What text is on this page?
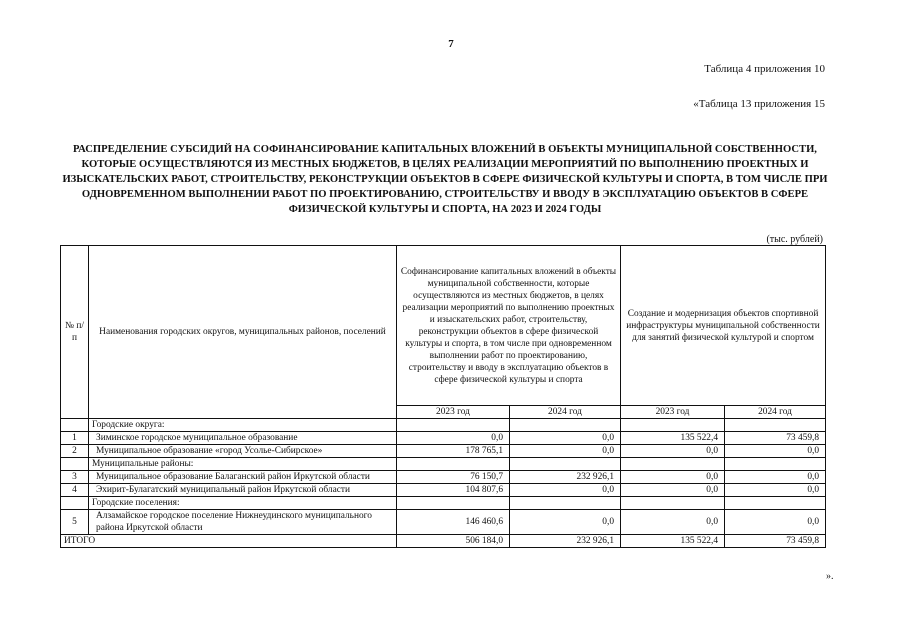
7
Таблица 4 приложения 10
«Таблица 13 приложения 15
РАСПРЕДЕЛЕНИЕ СУБСИДИЙ НА СОФИНАНСИРОВАНИЕ КАПИТАЛЬНЫХ ВЛОЖЕНИЙ В ОБЪЕКТЫ МУНИЦИПАЛЬНОЙ СОБСТВЕННОСТИ, КОТОРЫЕ ОСУЩЕСТВЛЯЮТСЯ ИЗ МЕСТНЫХ БЮДЖЕТОВ, В ЦЕЛЯХ РЕАЛИЗАЦИИ МЕРОПРИЯТИЙ ПО ВЫПОЛНЕНИЮ ПРОЕКТНЫХ И ИЗЫСКАТЕЛЬСКИХ РАБОТ, СТРОИТЕЛЬСТВУ, РЕКОНСТРУКЦИИ ОБЪЕКТОВ В СФЕРЕ ФИЗИЧЕСКОЙ КУЛЬТУРЫ И СПОРТА, В ТОМ ЧИСЛЕ ПРИ ОДНОВРЕМЕННОМ ВЫПОЛНЕНИИ РАБОТ ПО ПРОЕКТИРОВАНИЮ, СТРОИТЕЛЬСТВУ И ВВОДУ В ЭКСПЛУАТАЦИЮ ОБЪЕКТОВ В СФЕРЕ ФИЗИЧЕСКОЙ КУЛЬТУРЫ И СПОРТА, НА 2023 И 2024 ГОДЫ
(тыс. рублей)
№ п/п	Наименования городских округов, муниципальных районов, поселений	Софинансирование капитальных вложений в объекты муниципальной собственности, которые осуществляются из местных бюджетов, в целях реализации мероприятий по выполнению проектных и изыскательских работ, строительству, реконструкции объектов в сфере физической культуры и спорта, в том числе при одновременном выполнении работ по проектированию, строительству и вводу в эксплуатацию объектов в сфере физической культуры и спорта		Создание и модернизация объектов спортивной инфраструктуры муниципальной собственности для занятий физической культурой и спортом	
		2023 год	2024 год	2023 год	2024 год
	Городские округа:				
1	Зиминское городское муниципальное образование	0,0	0,0	135 522,4	73 459,8
2	Муниципальное образование «город Усолье-Сибирское»	178 765,1	0,0	0,0	0,0
	Муниципальные районы:				
3	Муниципальное образование Балаганский район Иркутской области	76 150,7	232 926,1	0,0	0,0
4	Эхирит-Булагатский муниципальный район Иркутской области	104 807,6	0,0	0,0	0,0
	Городские поселения:				
5	Алзамайское городское поселение Нижнеудинского муниципального района Иркутской области	146 460,6	0,0	0,0	0,0
ИТОГО		506 184,0	232 926,1	135 522,4	73 459,8
».
